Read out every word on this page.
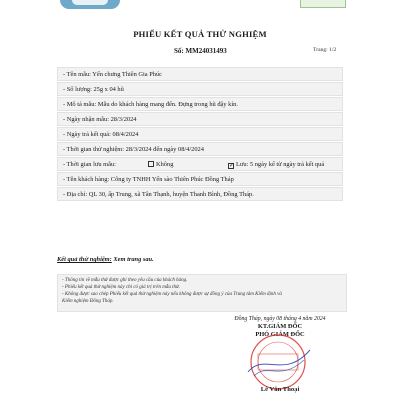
PHIẾU KẾT QUẢ THỬ NGHIỆM
Số: MM24031493	Trang: 1/2
- Tên mẫu: Yến chưng Thiên Gia Phúc
- Số lượng: 25g x 04 hũ
- Mô tả mẫu: Mẫu do khách hàng mang đến. Đựng trong hũ đậy kín.
- Ngày nhận mẫu: 28/3/2024
- Ngày trả kết quả: 08/4/2024
- Thời gian thử nghiệm: 28/3/2024 đến ngày 08/4/2024
- Thời gian lưu mẫu:	Không	✓ Lưu: 5 ngày kể từ ngày trả kết quả
- Tên khách hàng: Công ty TNHH Yến sào Thiên Phúc Đồng Tháp
- Địa chỉ: QL 30, ấp Trung, xã Tân Thạnh, huyện Thanh Bình, Đồng Tháp.
Kết quả thử nghiệm: Xem trang sau.
- Thông tin về mẫu thử được ghi theo yêu cầu của khách hàng.
- Phiếu kết quả thử nghiệm này chỉ có giá trị trên mẫu thử.
- Không được sao chép Phiếu kết quả thử nghiệm này nếu không được sự đồng ý của Trung tâm Kiểm định và
Kiểm nghiệm Đồng Tháp.
Đồng Tháp, ngày 08 tháng 4 năm 2024
KT.GIÁM ĐỐC
PHÓ GIÁM ĐỐC
Lê Văn Thoại
